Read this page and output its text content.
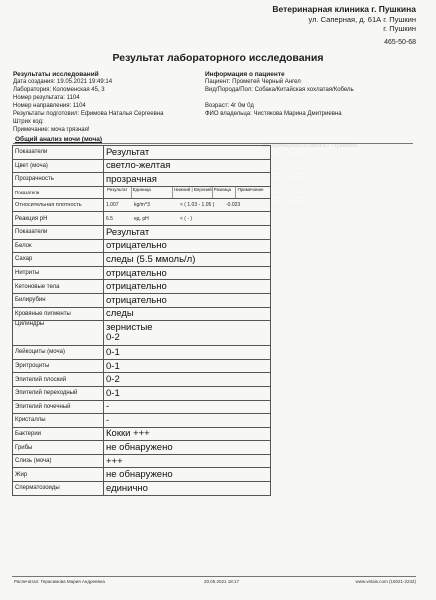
Ветеринарная клиника г. Пушкина
ул. Саперная, д. 61А г. Пушкин
г. Пушкин
465-50-68
Результат лабораторного исследования
Результаты исследований
Дата создания: 19.05.2021 19:49:14
Лаборатория: Коломенская 45, 3
Номер результата: 1104
Номер направления: 1104
Результаты подготовил: Ефимова Наталья Сергеевна
Штрих код:
Примечание: моча грязная!
Информация о пациенте
Пациент: Прометей Черный Ангел
Вид/Порода/Пол: Собака/Китайская хохлатая/Кобель

Возраст: 4г 0м 0д
ФИО владельца: Чистякова Марина Дмитриевна
Общий анализ мочи (моча)
Ветеринарная клиника г. Пушкина
. . . . . . . . . . . . . . . .
. . . . . . . . . . . . . . . .
. . . . . . . . . . . . . . . .
. . . . . . . . . . . . . . . .
. . . . . . . . . . . . . . . .
Показатели	Результат
Цвет (моча)	светло-желтая
Прозрачность	прозрачная
Показатели	Результат Единица Нижний | Верхний Разница Примечание

Относительная плотность	1.007 kg/m^3 < ( 1.03 - 1.05 ) -0.023

Реакция pH	6.5 ед. pH < ( - )

Показатели	Результат
Белок	отрицательно
Сахар	следы (5.5 ммоль/л)
Нитриты	отрицательно
Кетоновые тела	отрицательно
Билирубин	отрицательно
Кровяные пигменты	следы
Цилиндры	зернистые
0-2
Лейкоциты (моча)	0-1
Эритроциты	0-1
Эпителий плоский	0-2
Эпителий переходный	0-1
Эпителий почечный	-
Кристаллы	-
Бактерии	Кокки +++
Грибы	не обнаружено
Слизь (моча)	+++
Жир	не обнаружено
Сперматозоиды	единично
Распечатал: Герасимова Мария Андреевна	20.05.2021 18:17	www.vetais.com (16021-2232)
